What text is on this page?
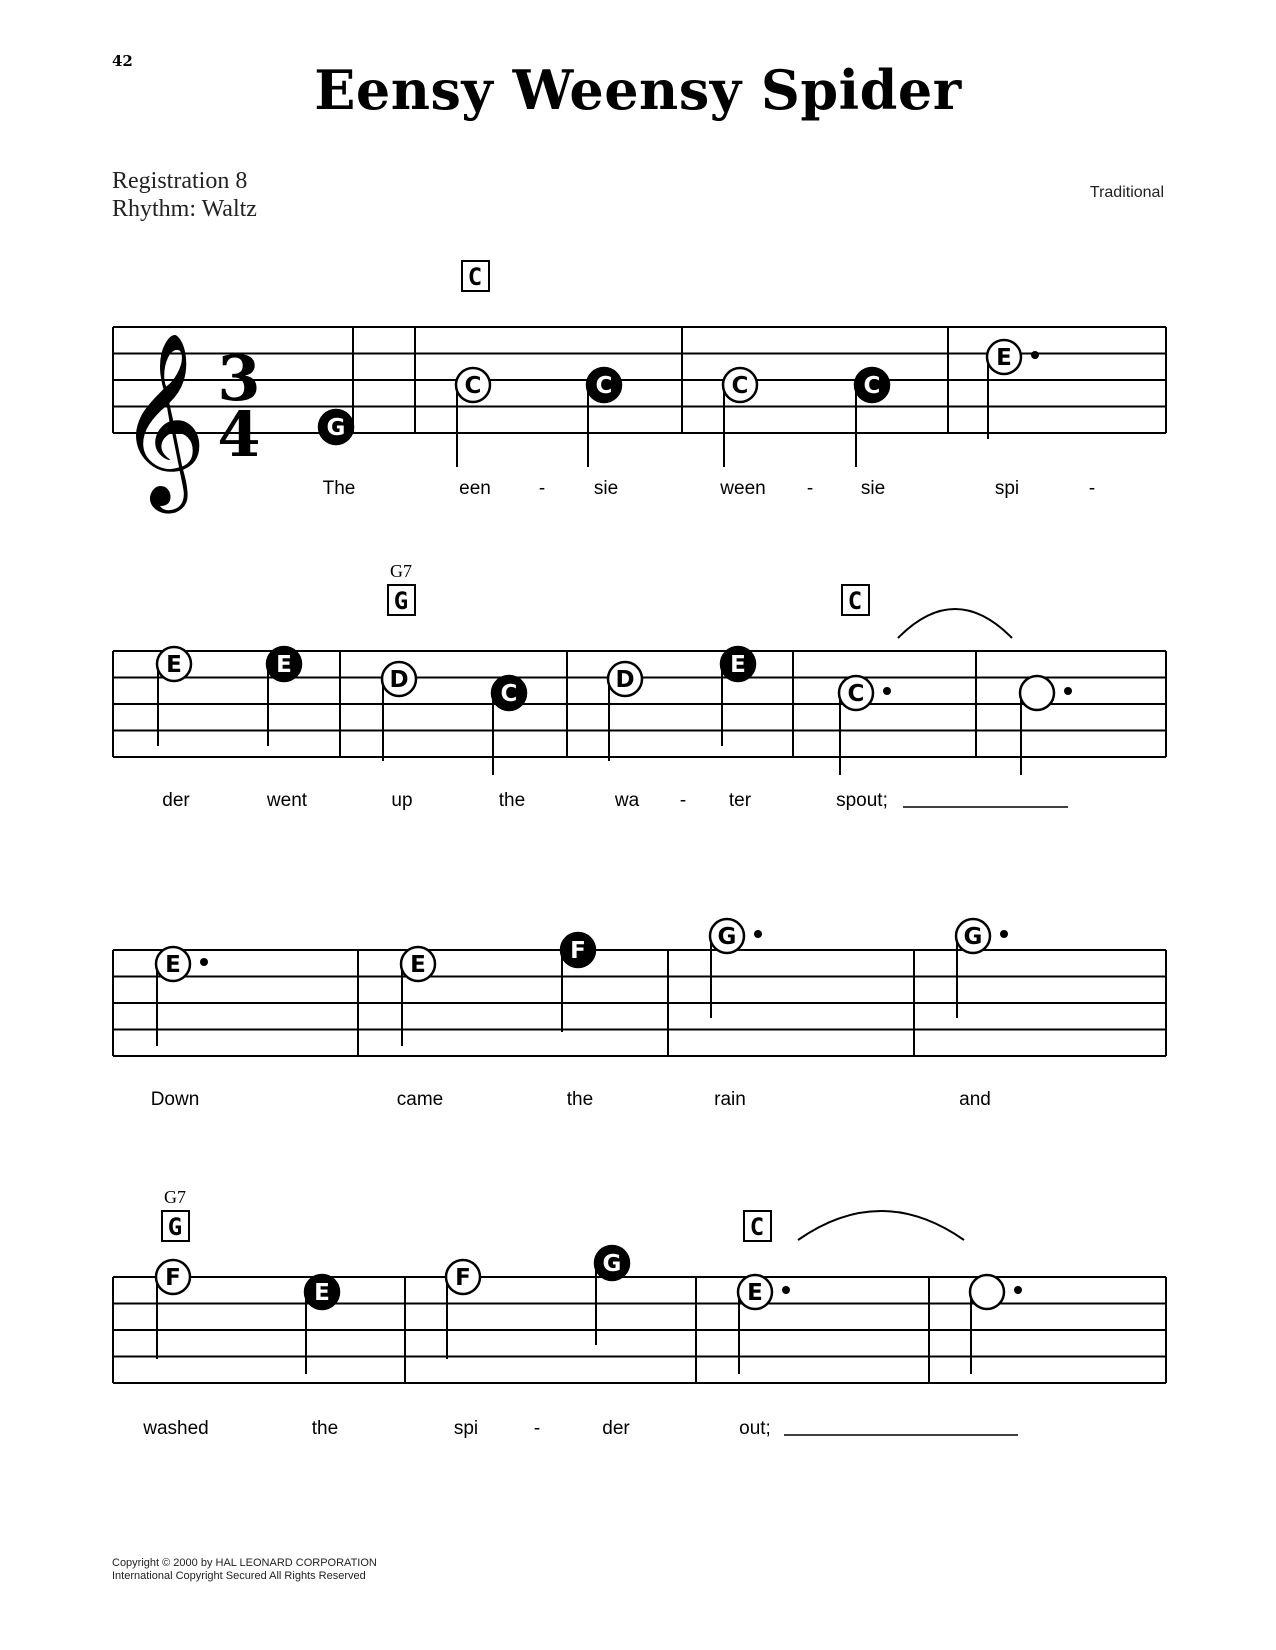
42	Eensy Weensy Spider
Registration 8
Rhythm: Waltz
Traditional
𝄞 3
4
C
G
C	C	C	C
E
The	een	-	sie	ween -	sie	spi	-
G
G7
C
E	E
D
C
D
E
C
der	went	up	the	wa - ter	spout;
E	E
F
G	G
Down	came	the	rain	and
G
G7
C
F
E
F
G
E
washed	the	spi	-	der	out;
Copyright © 2000 by HAL LEONARD CORPORATION
International Copyright Secured All Rights Reserved
